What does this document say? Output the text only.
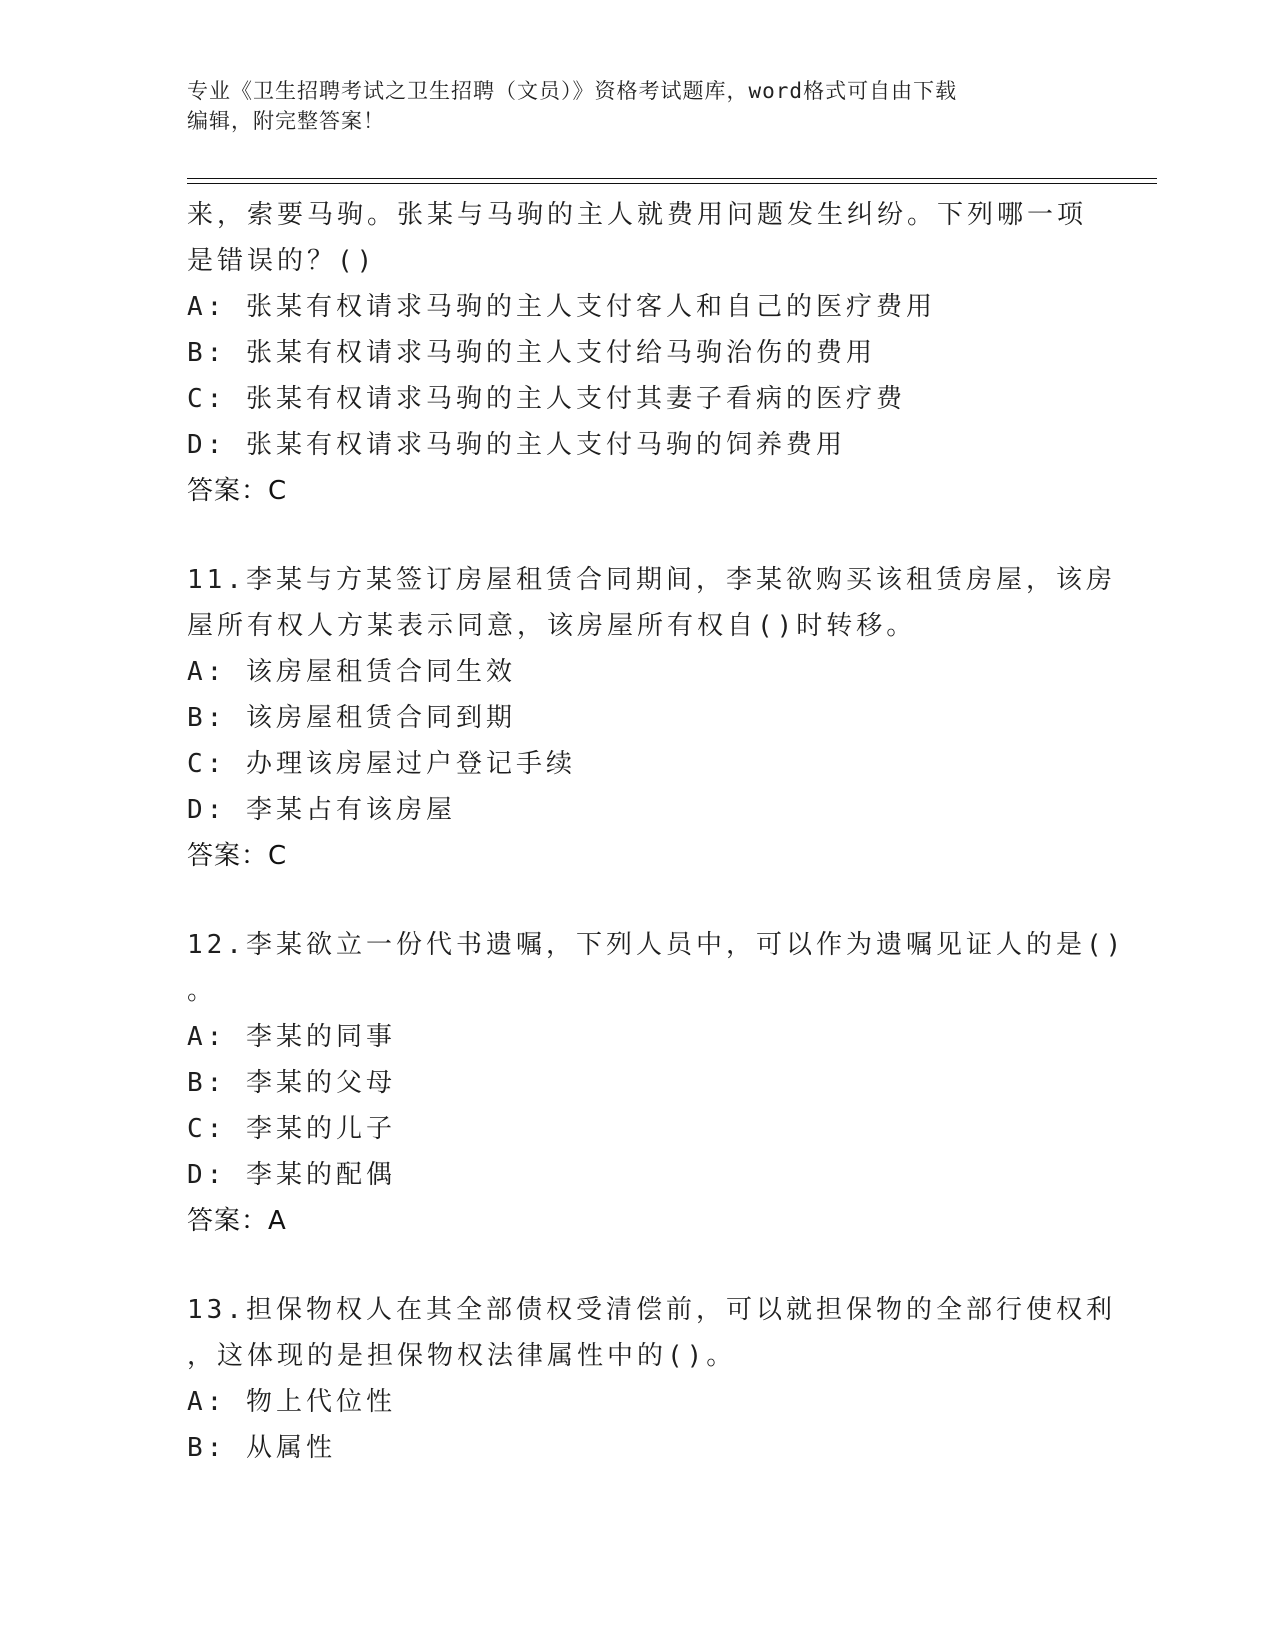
专业《卫生招聘考试之卫生招聘（文员）》资格考试题库，word格式可自由下载
编辑，附完整答案！
来，索要马驹。张某与马驹的主人就费用问题发生纠纷。下列哪一项
是错误的？()
A: 张某有权请求马驹的主人支付客人和自己的医疗费用
B: 张某有权请求马驹的主人支付给马驹治伤的费用
C: 张某有权请求马驹的主人支付其妻子看病的医疗费
D: 张某有权请求马驹的主人支付马驹的饲养费用
答案：C
11.李某与方某签订房屋租赁合同期间，李某欲购买该租赁房屋，该房
屋所有权人方某表示同意，该房屋所有权自()时转移。
A: 该房屋租赁合同生效
B: 该房屋租赁合同到期
C: 办理该房屋过户登记手续
D: 李某占有该房屋
答案：C
12.李某欲立一份代书遗嘱，下列人员中，可以作为遗嘱见证人的是()
。
A: 李某的同事
B: 李某的父母
C: 李某的儿子
D: 李某的配偶
答案：A
13.担保物权人在其全部债权受清偿前，可以就担保物的全部行使权利
，这体现的是担保物权法律属性中的()。
A: 物上代位性
B: 从属性
